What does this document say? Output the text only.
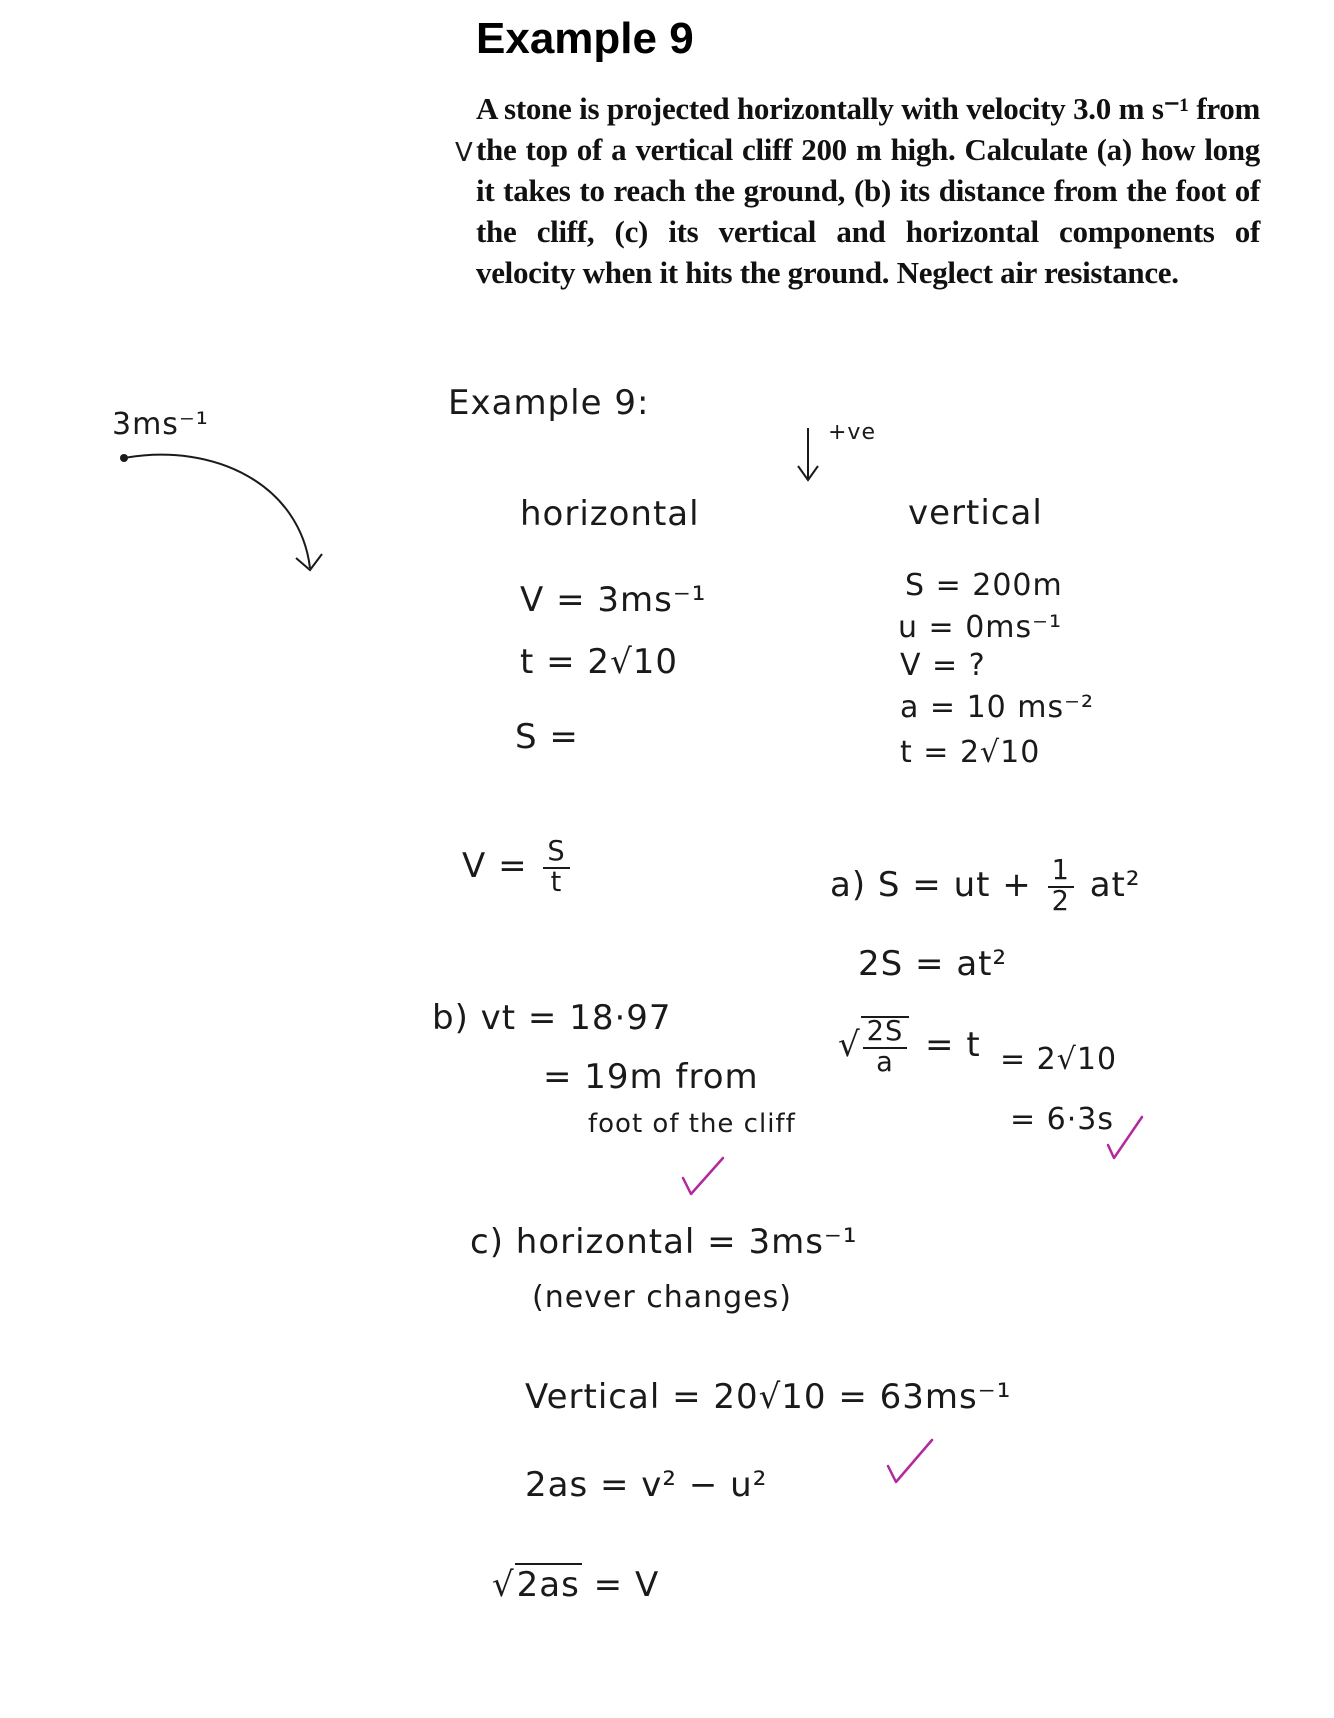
Example 9
A stone is projected horizontally with velocity 3.0 m s⁻¹ from the top of a vertical cliff 200 m high. Calculate (a) how long it takes to reach the ground, (b) its distance from the foot of the cliff, (c) its vertical and horizontal components of velocity when it hits the ground. Neglect air resistance.
V
Example 9:
3ms⁻¹	+ve
horizontal
V = 3ms⁻¹
t = 2√10
S =
vertical
S = 200m
u = 0ms⁻¹
V = ?
a = 10 ms⁻²
t = 2√10
$V = \frac{S}{t}$	a) S = ut + $\frac{1}{2} at^2$
2S = at²
√ $\frac{2S}{a} = t = 2√10$
= 6·3s
b) vt = 18·97
= 19m from
foot of the cliff
c) horizontal = 3ms⁻¹
(never changes)
Vertical = 20√10 = 63ms⁻¹
2as = v² − u²
√2as = V
